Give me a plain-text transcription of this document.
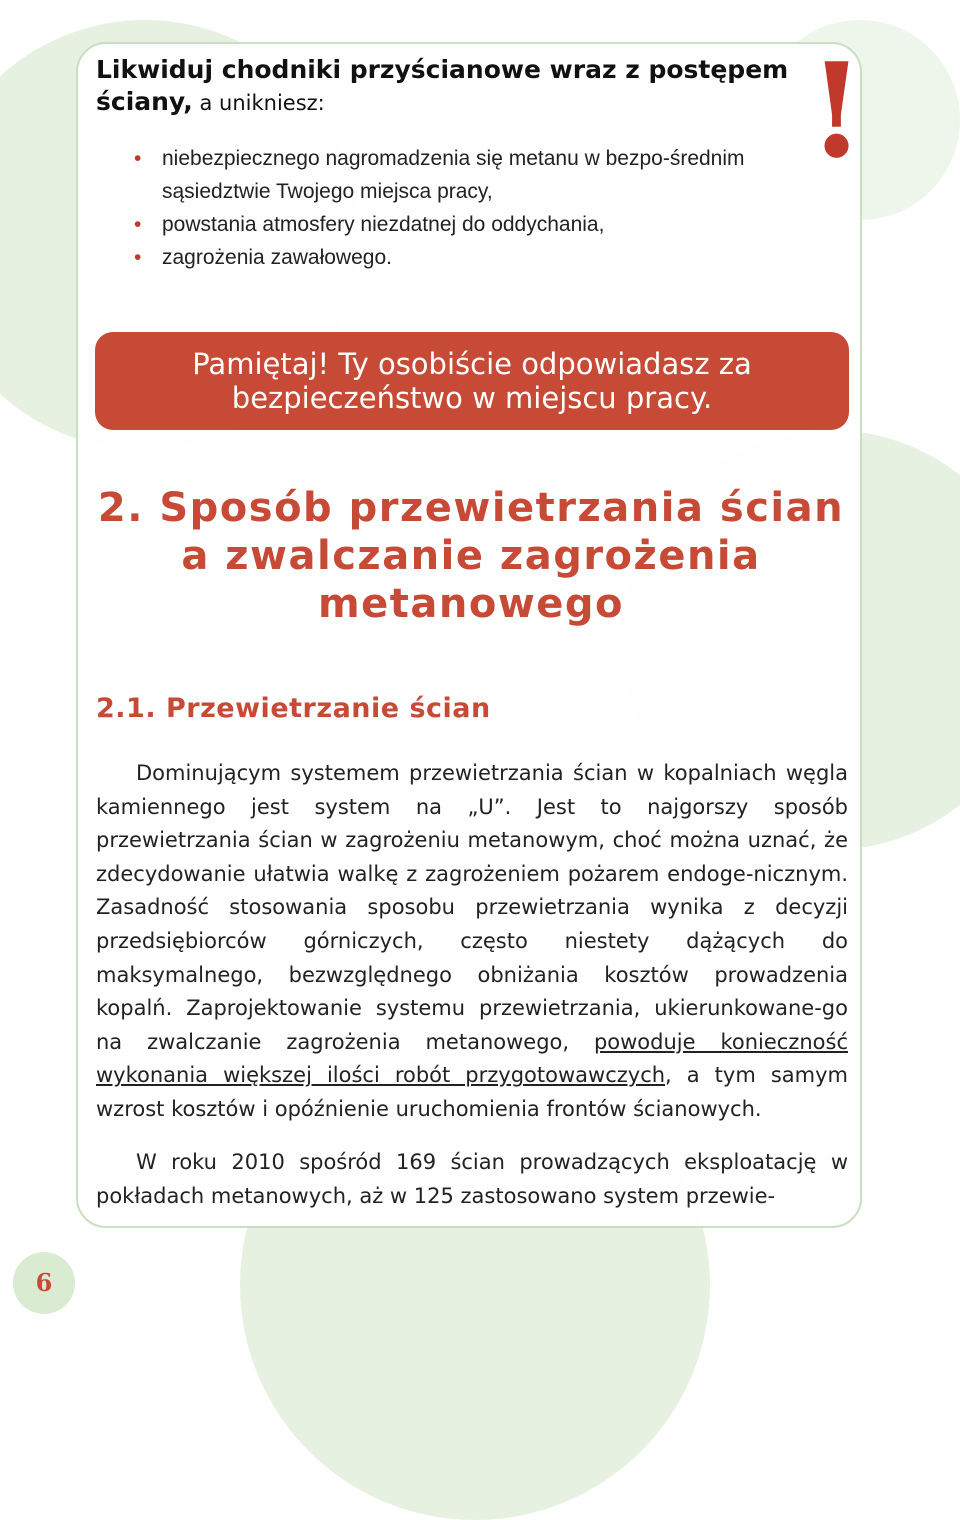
Likwiduj chodniki przyścianowe wraz z postępem ściany, a unikniesz:	!
• niebezpiecznego nagromadzenia się metanu w bezpo-średnim sąsiedztwie Twojego miejsca pracy,
• powstania atmosfery niezdatnej do oddychania,
• zagrożenia zawałowego.
Pamiętaj! Ty osobiście odpowiadasz za
bezpieczeństwo w miejscu pracy.
2. Sposób przewietrzania ścian a zwalczanie zagrożenia metanowego
2.1. Przewietrzanie ścian

Dominującym systemem przewietrzania ścian w kopalniach węgla kamiennego jest system na „U”. Jest to najgorszy sposób przewietrzania ścian w zagrożeniu metanowym, choć można uznać, że zdecydowanie ułatwia walkę z zagrożeniem pożarem endoge-nicznym. Zasadność stosowania sposobu przewietrzania wynika z decyzji przedsiębiorców górniczych, często niestety dążących do maksymalnego, bezwzględnego obniżania kosztów prowadzenia kopalń. Zaprojektowanie systemu przewietrzania, ukierunkowane-go na zwalczanie zagrożenia metanowego, powoduje konieczność wykonania większej ilości robót przygotowawczych, a tym samym wzrost kosztów i opóźnienie uruchomienia frontów ścianowych.

W roku 2010 spośród 169 ścian prowadzących eksploatację w pokładach metanowych, aż w 125 zastosowano system przewie-

6
